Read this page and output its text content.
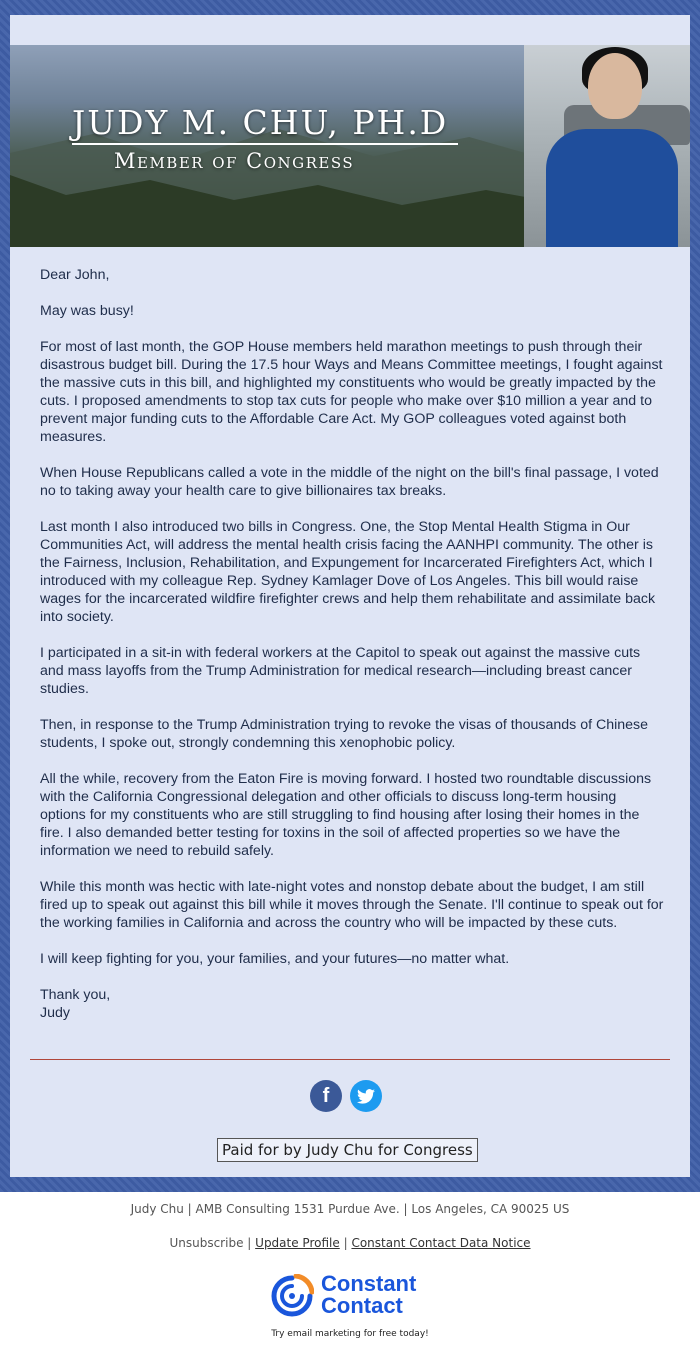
JUDY M. CHU, PH.D
Member of Congress

Dear John,

May was busy!

For most of last month, the GOP House members held marathon meetings to push through their disastrous budget bill. During the 17.5 hour Ways and Means Committee meetings, I fought against the massive cuts in this bill, and highlighted my constituents who would be greatly impacted by the cuts. I proposed amendments to stop tax cuts for people who make over $10 million a year and to prevent major funding cuts to the Affordable Care Act. My GOP colleagues voted against both measures.

When House Republicans called a vote in the middle of the night on the bill's final passage, I voted no to taking away your health care to give billionaires tax breaks.

Last month I also introduced two bills in Congress. One, the Stop Mental Health Stigma in Our Communities Act, will address the mental health crisis facing the AANHPI community. The other is the Fairness, Inclusion, Rehabilitation, and Expungement for Incarcerated Firefighters Act, which I introduced with my colleague Rep. Sydney Kamlager Dove of Los Angeles. This bill would raise wages for the incarcerated wildfire firefighter crews and help them rehabilitate and assimilate back into society.

I participated in a sit-in with federal workers at the Capitol to speak out against the massive cuts and mass layoffs from the Trump Administration for medical research—including breast cancer studies.

Then, in response to the Trump Administration trying to revoke the visas of thousands of Chinese students, I spoke out, strongly condemning this xenophobic policy.

All the while, recovery from the Eaton Fire is moving forward. I hosted two roundtable discussions with the California Congressional delegation and other officials to discuss long-term housing options for my constituents who are still struggling to find housing after losing their homes in the fire. I also demanded better testing for toxins in the soil of affected properties so we have the information we need to rebuild safely.

While this month was hectic with late-night votes and nonstop debate about the budget, I am still fired up to speak out against this bill while it moves through the Senate. I'll continue to speak out for the working families in California and across the country who will be impacted by these cuts.

I will keep fighting for you, your families, and your futures—no matter what.

Thank you,
Judy

f
Paid for by Judy Chu for Congress
Judy Chu | AMB Consulting 1531 Purdue Ave. | Los Angeles, CA 90025 US
Unsubscribe | Update Profile | Constant Contact Data Notice
Constant
Contact
Try email marketing for free today!
